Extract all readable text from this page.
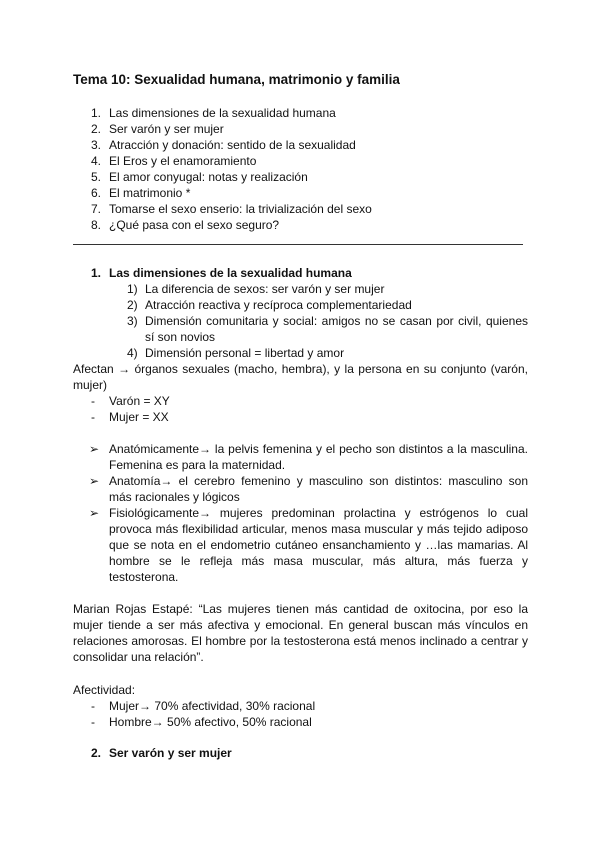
Tema 10: Sexualidad humana, matrimonio y familia
1. Las dimensiones de la sexualidad humana
2. Ser varón y ser mujer
3. Atracción y donación: sentido de la sexualidad
4. El Eros y el enamoramiento
5. El amor conyugal: notas y realización
6. El matrimonio *
7. Tomarse el sexo enserio: la trivialización del sexo
8. ¿Qué pasa con el sexo seguro?
1. Las dimensiones de la sexualidad humana
1) La diferencia de sexos: ser varón y ser mujer
2) Atracción reactiva y recíproca complementariedad
3) Dimensión comunitaria y social: amigos no se casan por civil, quienes
sí son novios
4) Dimensión personal = libertad y amor
Afectan → órganos sexuales (macho, hembra), y la persona en su conjunto (varón,
mujer)
- Varón = XY
- Mujer = XX
➢ Anatómicamente→ la pelvis femenina y el pecho son distintos a la masculina.
Femenina es para la maternidad.
➢ Anatomía→ el cerebro femenino y masculino son distintos: masculino son
más racionales y lógicos
➢ Fisiológicamente→ mujeres predominan prolactina y estrógenos lo cual
provoca más flexibilidad articular, menos masa muscular y más tejido adiposo
que se nota en el endometrio cutáneo ensanchamiento y …las mamarias. Al
hombre se le refleja más masa muscular, más altura, más fuerza y
testosterona.
Marian Rojas Estapé: “Las mujeres tienen más cantidad de oxitocina, por eso la
mujer tiende a ser más afectiva y emocional. En general buscan más vínculos en
relaciones amorosas. El hombre por la testosterona está menos inclinado a centrar y
consolidar una relación”.
Afectividad:
- Mujer→ 70% afectividad, 30% racional
- Hombre→ 50% afectivo, 50% racional
2. Ser varón y ser mujer
